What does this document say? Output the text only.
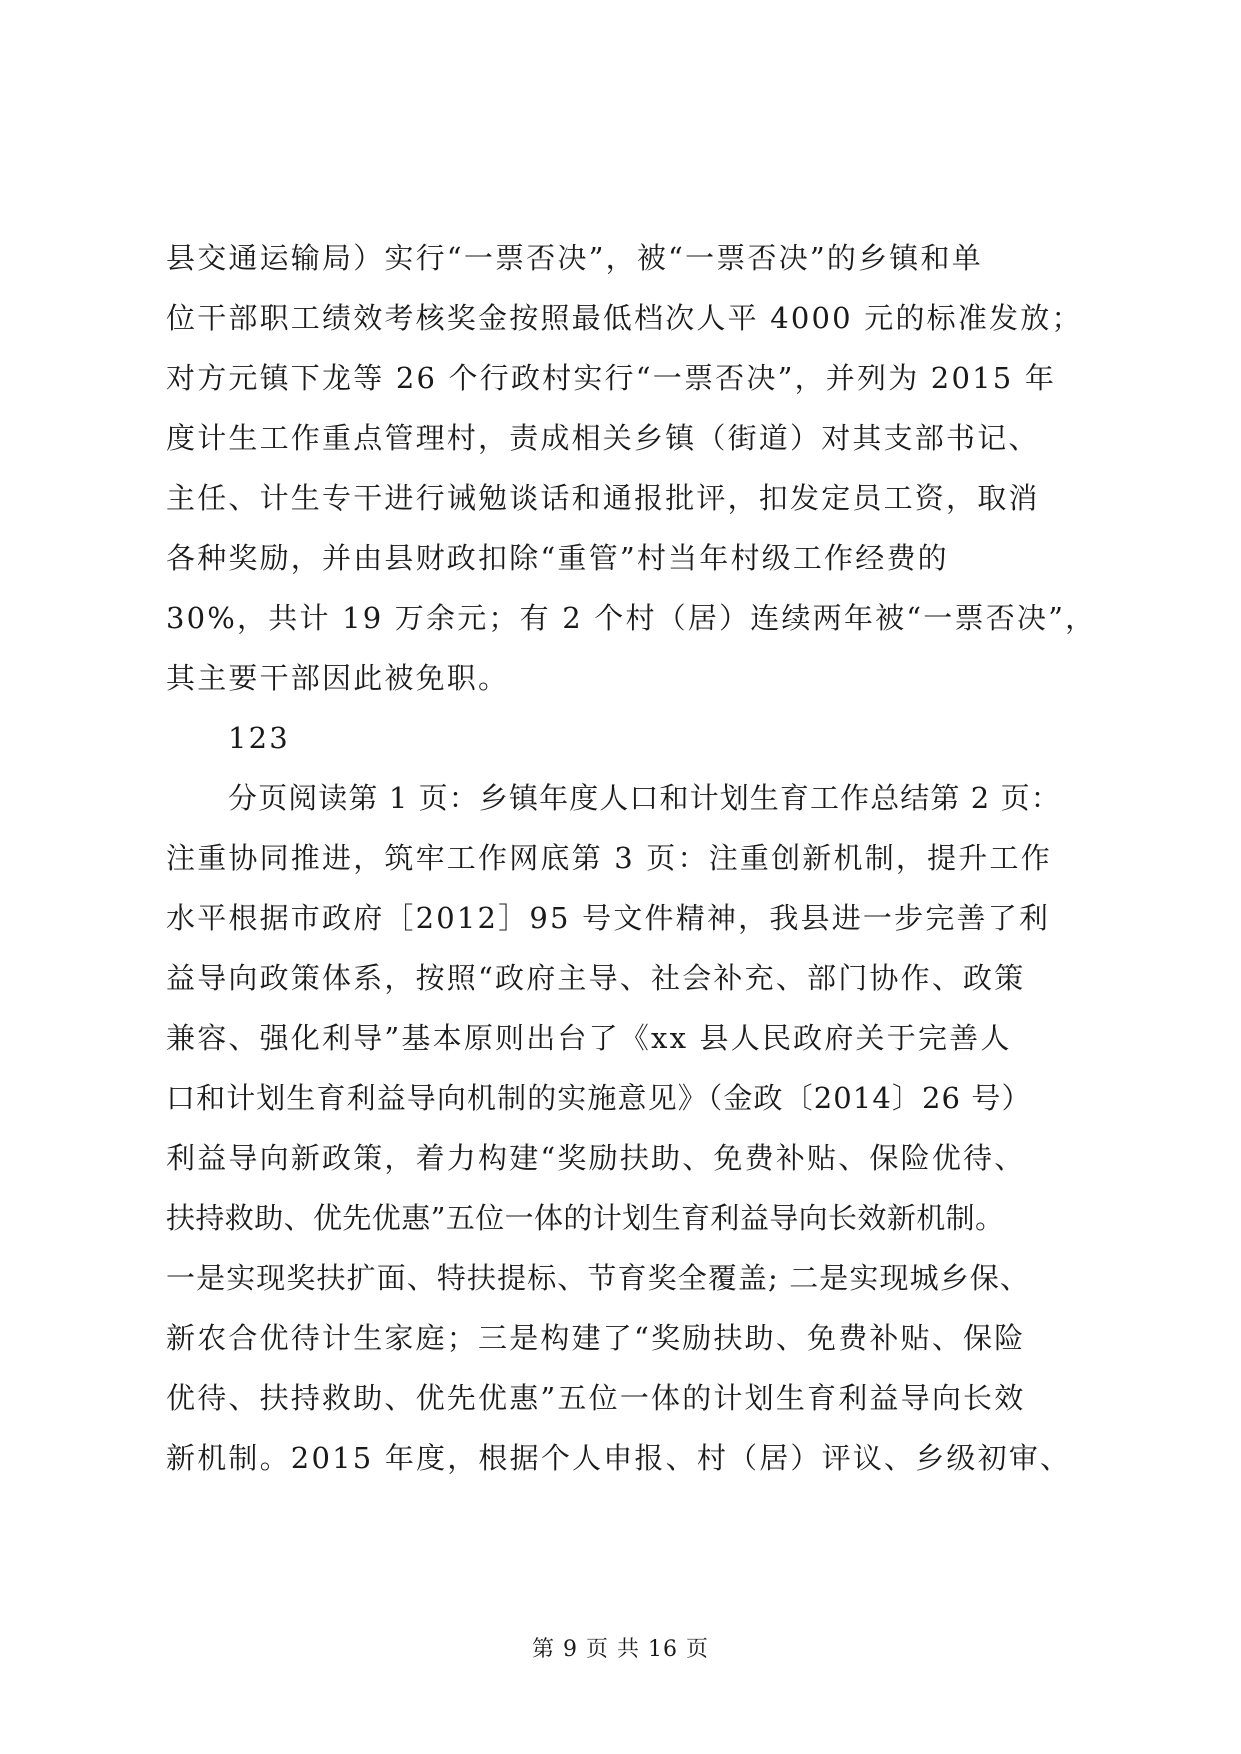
县交通运输局）实行“一票否决”，被“一票否决”的乡镇和单
位干部职工绩效考核奖金按照最低档次人平 4000 元的标准发放；
对方元镇下龙等 26 个行政村实行“一票否决”，并列为 2015 年
度计生工作重点管理村，责成相关乡镇（街道）对其支部书记、
主任、计生专干进行诫勉谈话和通报批评，扣发定员工资，取消
各种奖励，并由县财政扣除“重管”村当年村级工作经费的
30%，共计 19 万余元；有 2 个村（居）连续两年被“一票否决”，
其主要干部因此被免职。
123
分页阅读第 1 页：乡镇年度人口和计划生育工作总结第 2 页：
注重协同推进，筑牢工作网底第 3 页：注重创新机制，提升工作
水平根据市政府［2012］95 号文件精神，我县进一步完善了利
益导向政策体系，按照“政府主导、社会补充、部门协作、政策
兼容、强化利导”基本原则出台了《xx 县人民政府关于完善人
口和计划生育利益导向机制的实施意见》（金政〔2014〕26 号）
利益导向新政策，着力构建“奖励扶助、免费补贴、保险优待、
扶持救助、优先优惠”五位一体的计划生育利益导向长效新机制。
一是实现奖扶扩面、特扶提标、节育奖全覆盖; 二是实现城乡保、
新农合优待计生家庭；三是构建了“奖励扶助、免费补贴、保险
优待、扶持救助、优先优惠”五位一体的计划生育利益导向长效
新机制。2015 年度，根据个人申报、村（居）评议、乡级初审、
第 9 页 共 16 页
